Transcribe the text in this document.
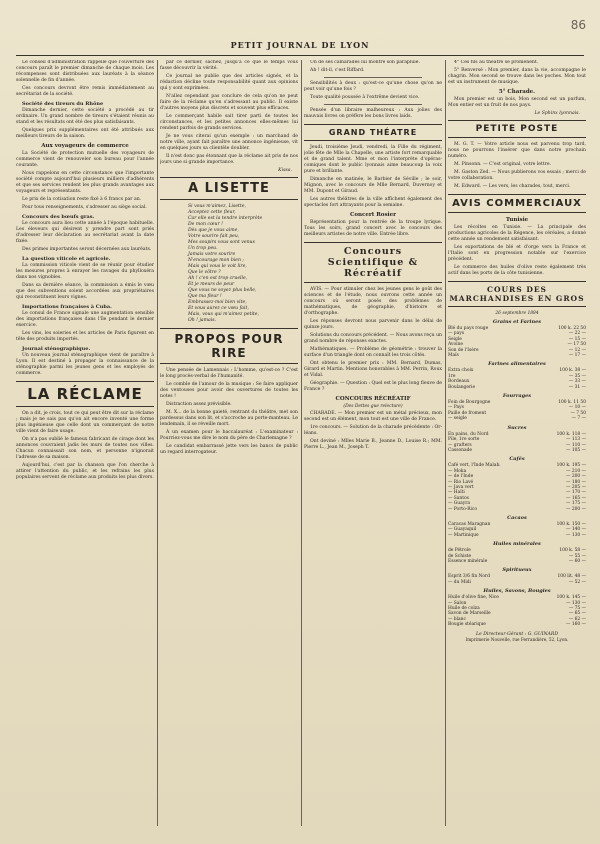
86
PETIT JOURNAL DE LYON
Le conseil d'administration rappelle que l'ouverture des concours paraît le premier dimanche de chaque mois. Les récompenses sont distribuées aux lauréats à la séance solennelle de fin d'année.
Ces concours devront être remis immédiatement au secrétariat de la société.
Société des tireurs du Rhône
Dimanche dernier, cette société a procédé au tir ordinaire. Un grand nombre de tireurs s'étaient réunis au stand et les résultats ont été des plus satisfaisants.
Quelques prix supplémentaires ont été attribués aux meilleurs tireurs de la saison.
Aux voyageurs de commerce
La Société de protection mutuelle des voyageurs de commerce vient de renouveler son bureau pour l'année courante.
Nous rappelons en cette circonstance que l'importante société compte aujourd'hui plusieurs milliers d'adhérents et que ses services rendent les plus grands avantages aux voyageurs et représentants.
Le prix de la cotisation reste fixé à 6 francs par an.
Pour tous renseignements, s'adresser au siège social.
Concours des bœufs gras.
Le concours aura lieu cette année à l'époque habituelle. Les éleveurs qui désirent y prendre part sont priés d'adresser leur déclaration au secrétariat avant la date fixée.
Des primes importantes seront décernées aux lauréats.
La question viticole et agricole.
La commission viticole vient de se réunir pour étudier les mesures propres à enrayer les ravages du phylloxéra dans nos vignobles.
Dans sa dernière séance, la commission a émis le vœu que des subventions soient accordées aux propriétaires qui reconstituent leurs vignes.
Importations françaises à Cuba.
Le consul de France signale une augmentation sensible des importations françaises dans l'île pendant le dernier exercice.
Les vins, les soieries et les articles de Paris figurent en tête des produits importés.
Journal sténographique.
Un nouveau journal sténographique vient de paraître à Lyon. Il est destiné à propager la connaissance de la sténographie parmi les jeunes gens et les employés de commerce.
LA RÉCLAME
On a dit, je crois, tout ce qui peut être dit sur la réclame ; mais je ne sais pas qu'on ait encore inventé une forme plus ingénieuse que celle dont un commerçant de notre ville vient de faire usage.
On n'a pas oublié le fameux fabricant de cirage dont les annonces couvraient jadis les murs de toutes nos villes. Chacun connaissait son nom, et personne n'ignorait l'adresse de sa maison.
Aujourd'hui, c'est par la chanson que l'on cherche à attirer l'attention du public, et les refrains les plus populaires servent de réclame aux produits les plus divers.
par ce dernier, sachez, jusqu'à ce que le temps vous fasse découvrir la vérité.
Ce journal ne publie que des articles signés, et la rédaction décline toute responsabilité quant aux opinions qui y sont exprimées.
N'allez cependant pas conclure de cela qu'on ne peut faire de la réclame qu'en s'adressant au public. Il existe d'autres moyens plus discrets et souvent plus efficaces.
Le commerçant habile sait tirer parti de toutes les circonstances, et les petites annonces elles-mêmes lui rendent parfois de grands services.
Je ne vous citerai qu'un exemple : un marchand de notre ville, ayant fait paraître une annonce ingénieuse, vit en quelques jours sa clientèle doubler.
Il n'est donc pas étonnant que la réclame ait pris de nos jours une si grande importance.
Kissa.
A LISETTE
Si vous m'aimez, Lisette,
Acceptez cette fleur,
Car elle est la tendre interprète
De mon cœur !
Dès que je vous aime,
Votre sourire fait peu,
Mes soupirs vous sont venus
Un trop peu.
Jamais votre sourire
N'encourage mon bien ;
Mais qui vous le voit lire,
Que le vôtre ?
Ah ! c'en est trop cruelle,
Et je meurs de peur
Que vous ne soyez plus belle,
Que ma fleur !
Embrassez-moi bien vite,
Et vous aurez ce vœu fait,
Mais, vous qui m'aimez petite,
Oh ! jamais.
PROPOS POUR RIRE
Une pensée de Lamennais : L'homme, qu'est-ce ? C'est le long procès-verbal de l'humanité.
Le comble de l'amour de la musique : Se faire appliquer des ventouses pour avoir des ouvertures de toutes les notes !
Distraction assez prévisible.
M. X... de la bonne gaieté, rentrant du théâtre, met son pardessus dans son lit, et s'accroche au porte-manteau. Le lendemain, il se réveille mort.
À un examen pour le baccalauréat : L'examinateur : Pourriez-vous me dire le nom du père de Charlemagne ?
Le candidat embarrassé jette vers les bancs de public un regard interrogateur.
Un de ses camarades lui montre son parapluie.
Ah ! dit-il, c'est Riffard.
Sensibilités à deux : qu'est-ce qu'une chose qu'on ne peut voir qu'une fois ?
Toute qualité poussée à l'extrême devient vice.
Pensée d'un libraire malheureux : Aux jolies des mauvais livres on préfère les bons livres laids.
GRAND THÉATRE
Jeudi, troisième Jeudi, vendredi, la Fille du régiment, jolie fête de Mlle la Chapelle, une artiste fort remarquable et de grand talent. Mme et mon l'interprète d'opéras-comiques dont le public lyonnais aime beaucoup la voix pure et brillante.
Dimanche en matinée, le Barbier de Séville ; le soir, Mignon, avec le concours de Mlle Bernard, Duvernoy et MM. Dupont et Giraud.
Les autres théâtres de la ville affichent également des spectacles fort attrayants pour la semaine.
Concert Rosier
Représentation pour la rentrée de la troupe lyrique. Tous les soirs, grand concert avec le concours des meilleurs artistes de notre ville. Entrée libre.
Concours Scientifique & Récréatif
AVIS. — Pour stimuler chez les jeunes gens le goût des sciences et de l'étude, nous ouvrons cette année un concours où seront posés des problèmes de mathématiques, de géographie, d'histoire et d'orthographe.
Les réponses devront nous parvenir dans le délai de quinze jours.
Solutions du concours précédent. — Nous avons reçu un grand nombre de réponses exactes.
Mathématiques. — Problème de géométrie : trouver la surface d'un triangle dont on connaît les trois côtés.
Ont obtenu le premier prix : MM. Bernard, Dumas, Girard et Martin. Mentions honorables à MM. Perrin, Roux et Vidal.
Géographie. — Question : Quel est le plus long fleuve de France ?
CONCOURS RÉCRÉATIF
(Des Dettes gue relecture)
CHARADE. — Mon premier est un métal précieux, mon second est un élément, mon tout est une ville de France.
1re concours. — Solution de la charade précédente : Or-léans.
Ont deviné : Mlles Marie B., Jeanne D., Louise R.; MM. Pierre L., Jean M., Joseph T.
4° Ces fils au théâtre se promènent.
5° Renversé : Mon premier, dans la vie, accompagne le chagrin. Mon second se trouve dans les poches. Mon tout est un instrument de musique.
5° Charade.
Mon premier est un bois, Mon second est un parfum, Mon entier est un fruit de nos pays.
Le Sphinx lyonnais.
PETITE POSTE
M. G. T. — Votre article nous est parvenu trop tard, nous ne pourrons l'insérer que dans notre prochain numéro.
M. Pinsonn. — C'est original, votre lettre.
M. Gaston Zed. — Nous publierons vos essais ; merci de votre collaboration.
M. Edward. — Les vers, les charades, tout, merci.
AVIS COMMERCIAUX
Tunisie
Les récoltes en Tunisie. — La principale des productions agricoles de la Régence, les céréales, a donné cette année un rendement satisfaisant.
Les exportations de blé et d'orge vers la France et l'Italie sont en progression notable sur l'exercice précédent.
Le commerce des huiles d'olive reste également très actif dans les ports de la côte tunisienne.
COURS DES MARCHANDISES EN GROS
26 septembre 1884
Grains et Farines
Blé du pays rouge	100 k. 22 50
— pays	— 22 —
Seigle	— 15 —
Avoine	— 17 50
Son de l'Isère	— 12 —
Maïs	— 17 —
Farines alimentaires
Extra choix	100 k. 38 —
1re	— 35 —
Bordeaux	— 33 —
Boulangerie	— 31 —
Fourrages
Foin de Bourgogne	100 k. 11 50
— Pays	— 10 —
Paille de froment	— 7 50
— seigle	— 7 —
Sucres
En pains, du Nord	100 k. 118 —
Pile, 1re sorte	— 113 —
— grafters	— 110 —
Cassonade	— 105 —
Cafés
Café vert, l'Inde Malab.	100 k. 195 —
— Moka	— 210 —
— de l'Inde	— 200 —
— Rio Lavé	— 180 —
— Java vert	— 205 —
— Haïti	— 170 —
— Santos	— 165 —
— Guayra	— 175 —
— Porto-Rico	— 200 —
Cacaos
Caracas Maragnan	100 k. 150 —
— Guayaquil	— 140 —
— Martinique	— 130 —
Huiles minérales
de Pétrole	100 k. 58 —
de Schiste	— 55 —
Essence minérale	— 60 —
Spiritueux
Esprit 3/6 fin Nord	100 lit. 48 —
— du Midi	— 52 —
Huiles, Savons, Bougies
Huile d'olive fine, Nice	100 k. 145 —
— Salon	— 130 —
Huile de colza	— 75 —
Savon de Marseille	— 65 —
— blanc	— 62 —
Bougie stéarique	— 160 —
Le Directeur-Gérant : G. GUINARD
Imprimerie Nouvelle, rue Ferrandière, 52, Lyon.
